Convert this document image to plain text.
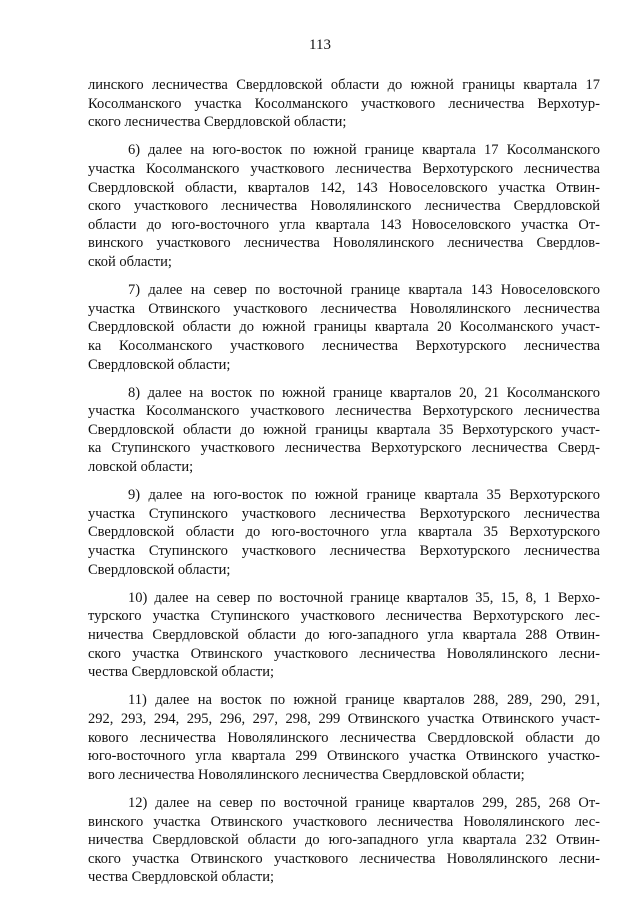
113
линского лесничества Свердловской области до южной границы квартала 17
Косолманского участка Косолманского участкового лесничества Верхотур-
ского лесничества Свердловской области;
6) далее на юго-восток по южной границе квартала 17 Косолманского
участка Косолманского участкового лесничества Верхотурского лесничества
Свердловской области, кварталов 142, 143 Новоселовского участка Отвин-
ского участкового лесничества Новолялинского лесничества Свердловской
области до юго-восточного угла квартала 143 Новоселовского участка От-
винского участкового лесничества Новолялинского лесничества Свердлов-
ской области;
7) далее на север по восточной границе квартала 143 Новоселовского
участка Отвинского участкового лесничества Новолялинского лесничества
Свердловской области до южной границы квартала 20 Косолманского участ-
ка Косолманского участкового лесничества Верхотурского лесничества
Свердловской области;
8) далее на восток по южной границе кварталов 20, 21 Косолманского
участка Косолманского участкового лесничества Верхотурского лесничества
Свердловской области до южной границы квартала 35 Верхотурского участ-
ка Ступинского участкового лесничества Верхотурского лесничества Сверд-
ловской области;
9) далее на юго-восток по южной границе квартала 35 Верхотурского
участка Ступинского участкового лесничества Верхотурского лесничества
Свердловской области до юго-восточного угла квартала 35 Верхотурского
участка Ступинского участкового лесничества Верхотурского лесничества
Свердловской области;
10) далее на север по восточной границе кварталов 35, 15, 8, 1 Верхо-
турского участка Ступинского участкового лесничества Верхотурского лес-
ничества Свердловской области до юго-западного угла квартала 288 Отвин-
ского участка Отвинского участкового лесничества Новолялинского лесни-
чества Свердловской области;
11) далее на восток по южной границе кварталов 288, 289, 290, 291,
292, 293, 294, 295, 296, 297, 298, 299 Отвинского участка Отвинского участ-
кового лесничества Новолялинского лесничества Свердловской области до
юго-восточного угла квартала 299 Отвинского участка Отвинского участко-
вого лесничества Новолялинского лесничества Свердловской области;
12) далее на север по восточной границе кварталов 299, 285, 268 От-
винского участка Отвинского участкового лесничества Новолялинского лес-
ничества Свердловской области до юго-западного угла квартала 232 Отвин-
ского участка Отвинского участкового лесничества Новолялинского лесни-
чества Свердловской области;
